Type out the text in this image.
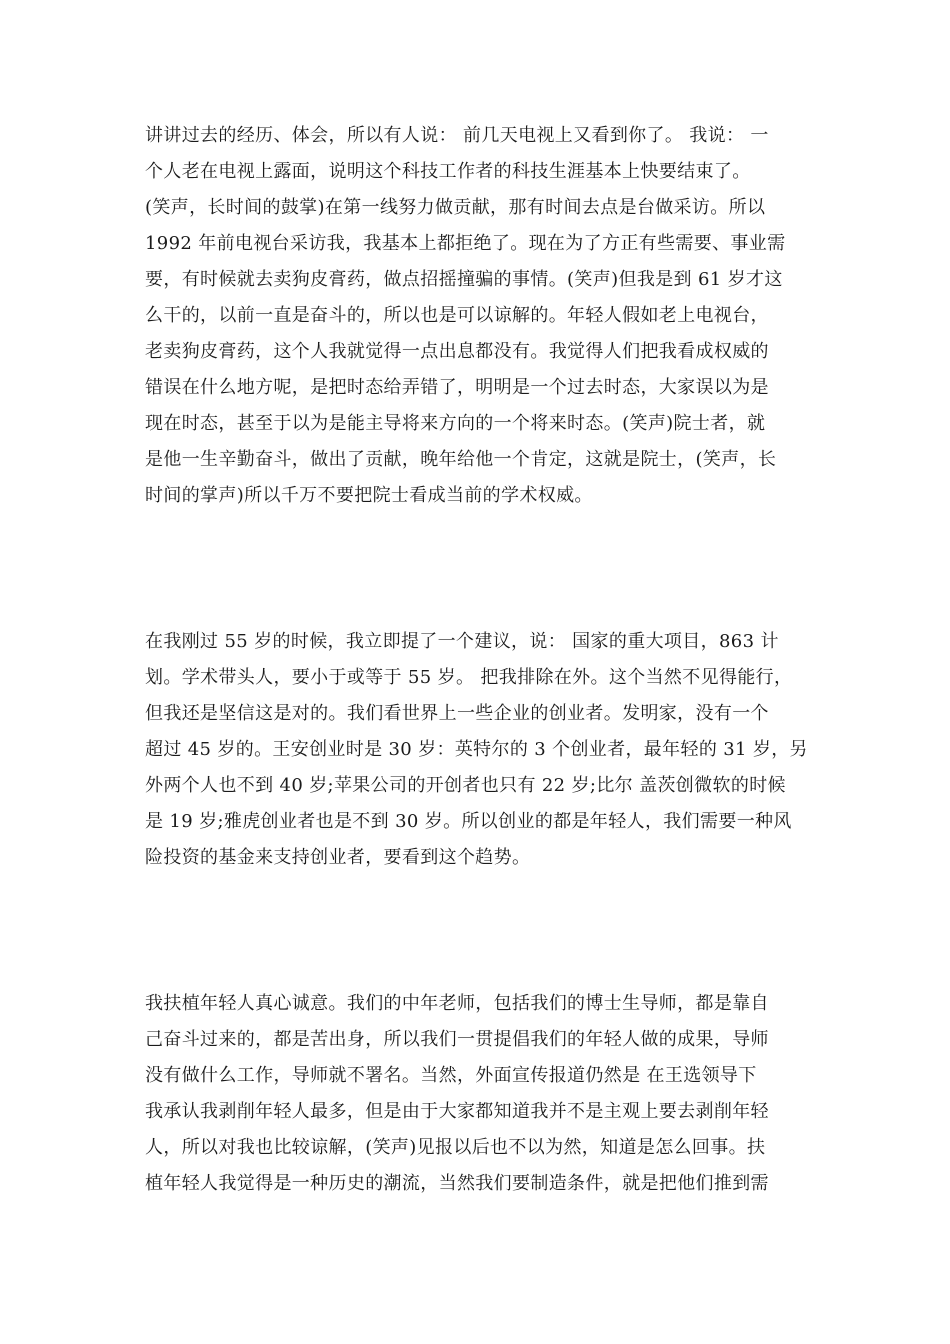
讲讲过去的经历、体会，所以有人说： 前几天电视上又看到你了。 我说： 一
个人老在电视上露面，说明这个科技工作者的科技生涯基本上快要结束了。
(笑声，长时间的鼓掌)在第一线努力做贡献，那有时间去点是台做采访。所以
1992 年前电视台采访我，我基本上都拒绝了。现在为了方正有些需要、事业需
要，有时候就去卖狗皮膏药，做点招摇撞骗的事情。(笑声)但我是到 61 岁才这
么干的，以前一直是奋斗的，所以也是可以谅解的。年轻人假如老上电视台，
老卖狗皮膏药，这个人我就觉得一点出息都没有。我觉得人们把我看成权威的
错误在什么地方呢，是把时态给弄错了，明明是一个过去时态，大家误以为是
现在时态，甚至于以为是能主导将来方向的一个将来时态。(笑声)院士者，就
是他一生辛勤奋斗，做出了贡献，晚年给他一个肯定，这就是院士，(笑声，长
时间的掌声)所以千万不要把院士看成当前的学术权威。
在我刚过 55 岁的时候，我立即提了一个建议，说： 国家的重大项目，863 计
划。学术带头人，要小于或等于 55 岁。 把我排除在外。这个当然不见得能行，
但我还是坚信这是对的。我们看世界上一些企业的创业者。发明家，没有一个
超过 45 岁的。王安创业时是 30 岁：英特尔的 3 个创业者，最年轻的 31 岁，另
外两个人也不到 40 岁;苹果公司的开创者也只有 22 岁;比尔 盖茨创微软的时候
是 19 岁;雅虎创业者也是不到 30 岁。所以创业的都是年轻人，我们需要一种风
险投资的基金来支持创业者，要看到这个趋势。
我扶植年轻人真心诚意。我们的中年老师，包括我们的博士生导师，都是靠自
己奋斗过来的，都是苦出身，所以我们一贯提倡我们的年轻人做的成果，导师
没有做什么工作，导师就不署名。当然，外面宣传报道仍然是 在王选领导下
我承认我剥削年轻人最多，但是由于大家都知道我并不是主观上要去剥削年轻
人，所以对我也比较谅解，(笑声)见报以后也不以为然，知道是怎么回事。扶
植年轻人我觉得是一种历史的潮流，当然我们要制造条件，就是把他们推到需
